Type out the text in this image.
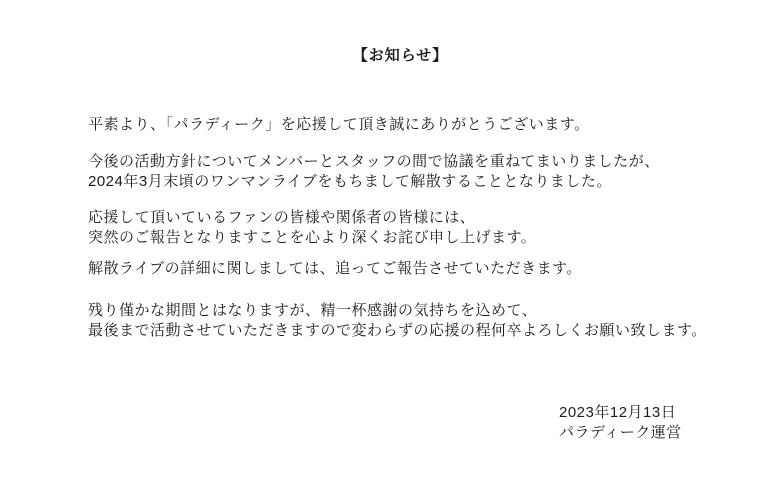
【お知らせ】
平素より、「パラディーク」を応援して頂き誠にありがとうございます。
今後の活動方針についてメンバーとスタッフの間で協議を重ねてまいりましたが、
2024年3月末頃のワンマンライブをもちまして解散することとなりました。
応援して頂いているファンの皆様や関係者の皆様には、
突然のご報告となりますことを心より深くお詫び申し上げます。
解散ライブの詳細に関しましては、追ってご報告させていただきます。
残り僅かな期間とはなりますが、精一杯感謝の気持ちを込めて、
最後まで活動させていただきますので変わらずの応援の程何卒よろしくお願い致します。
2023年12月13日
パラディーク運営
